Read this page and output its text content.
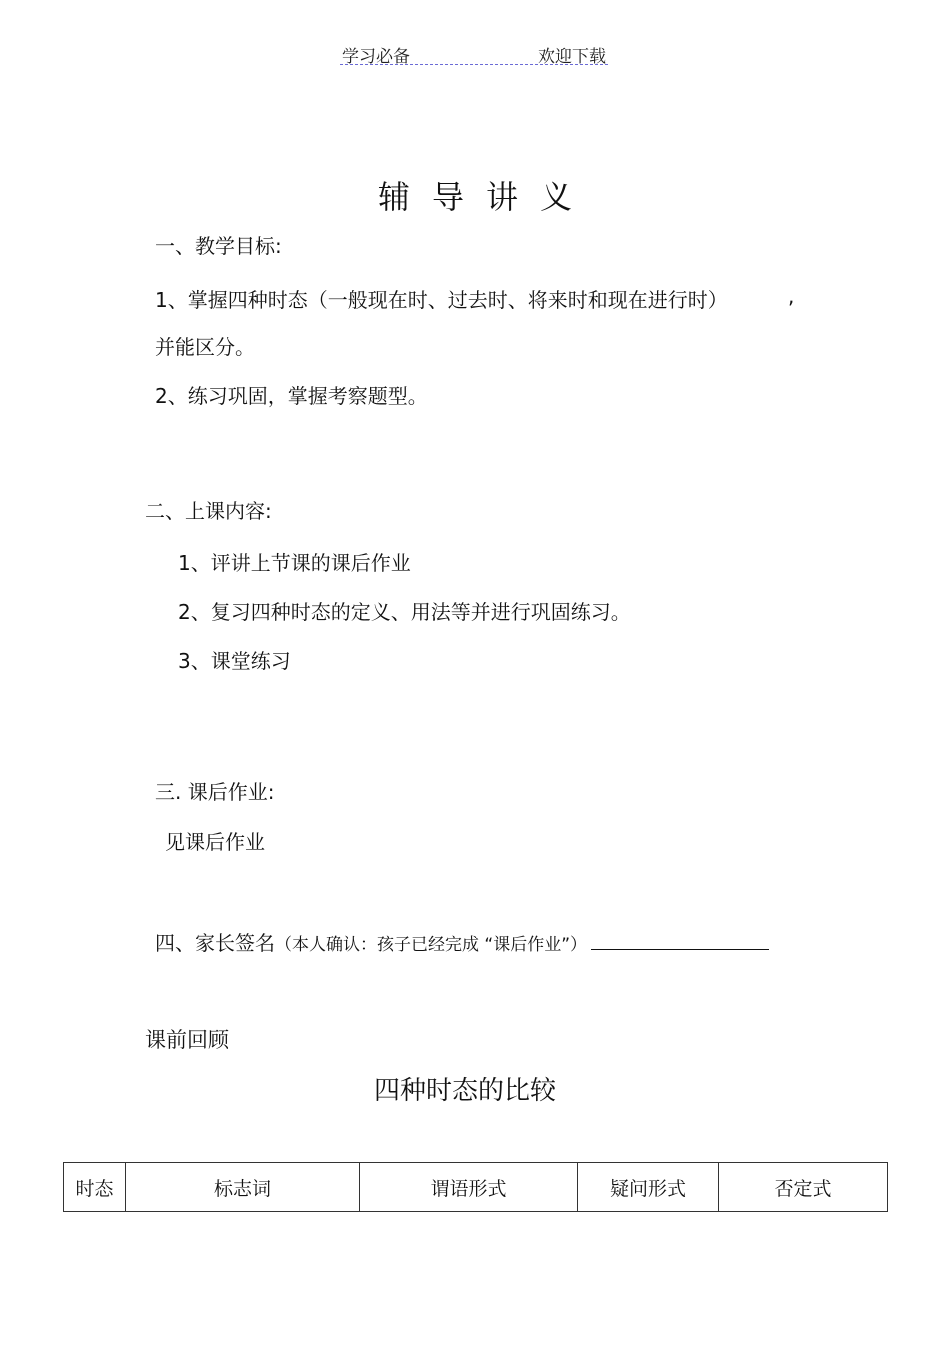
学习必备	欢迎下载
辅导讲义
一、教学目标:
1、掌握四种时态（一般现在时、过去时、将来时和现在进行时）	,
并能区分。
2、练习巩固，掌握考察题型。
二、上课内容:
1、评讲上节课的课后作业
2、复习四种时态的定义、用法等并进行巩固练习。
3、课堂练习
三. 课后作业:
见课后作业
四、家长签名（本人确认：孩子已经完成 “课后作业”）
课前回顾
四种时态的比较
时态	标志词	谓语形式	疑问形式	否定式
